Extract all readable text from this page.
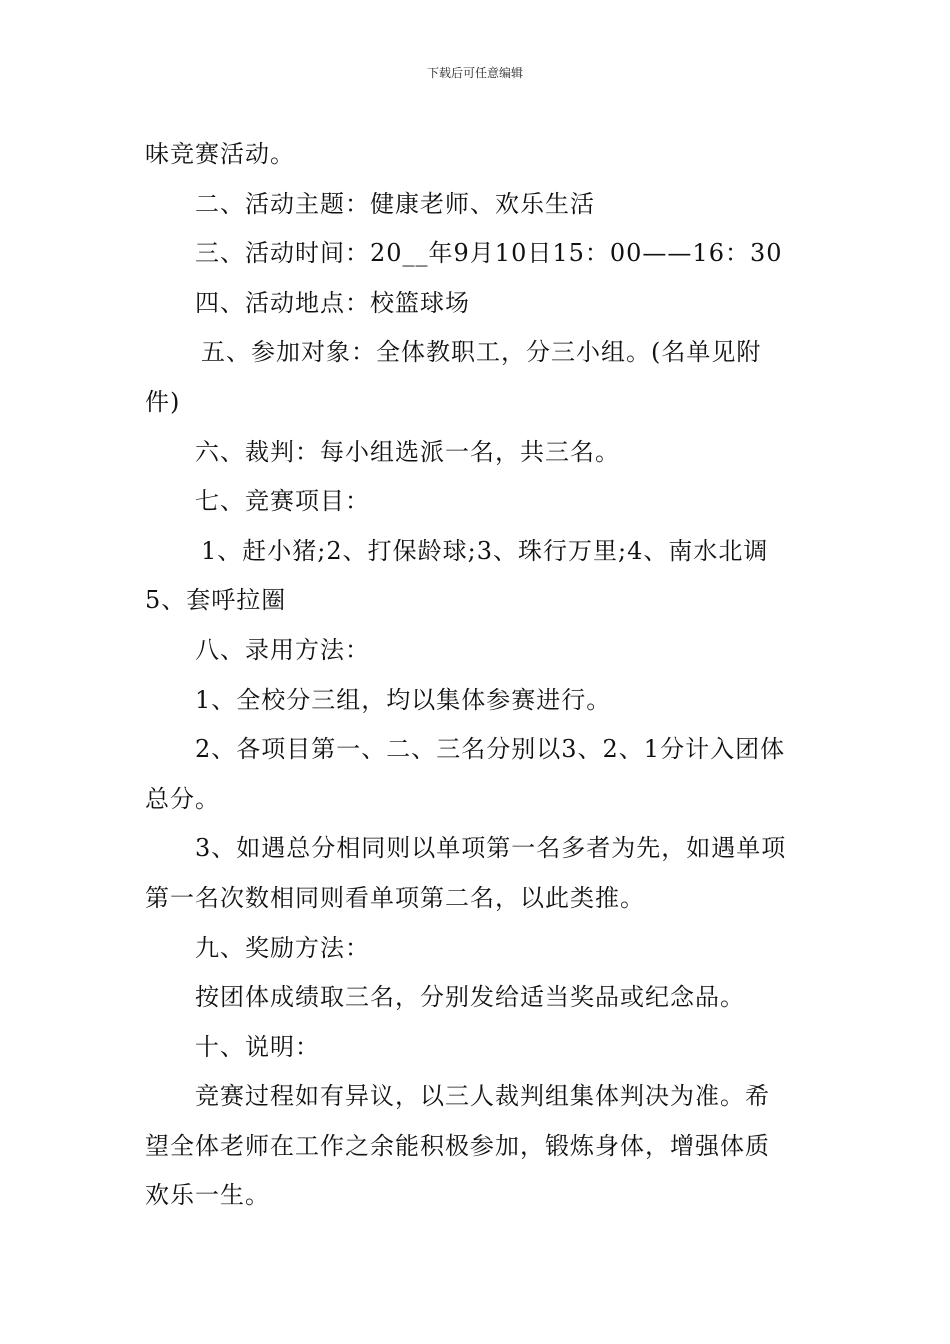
下载后可任意编辑
味竞赛活动。
二、活动主题：健康老师、欢乐生活
三、活动时间：20__年9月10日15：00——16：30
四、活动地点：校篮球场
五、参加对象：全体教职工，分三小组。(名单见附
件)
六、裁判：每小组选派一名，共三名。
七、竞赛项目：
1、赶小猪;2、打保龄球;3、珠行万里;4、南水北调
5、套呼拉圈
八、录用方法：
1、全校分三组，均以集体参赛进行。
2、各项目第一、二、三名分别以3、2、1分计入团体
总分。
3、如遇总分相同则以单项第一名多者为先，如遇单项
第一名次数相同则看单项第二名，以此类推。
九、奖励方法：
按团体成绩取三名，分别发给适当奖品或纪念品。
十、说明：
竞赛过程如有异议，以三人裁判组集体判决为准。希
望全体老师在工作之余能积极参加，锻炼身体，增强体质
欢乐一生。
